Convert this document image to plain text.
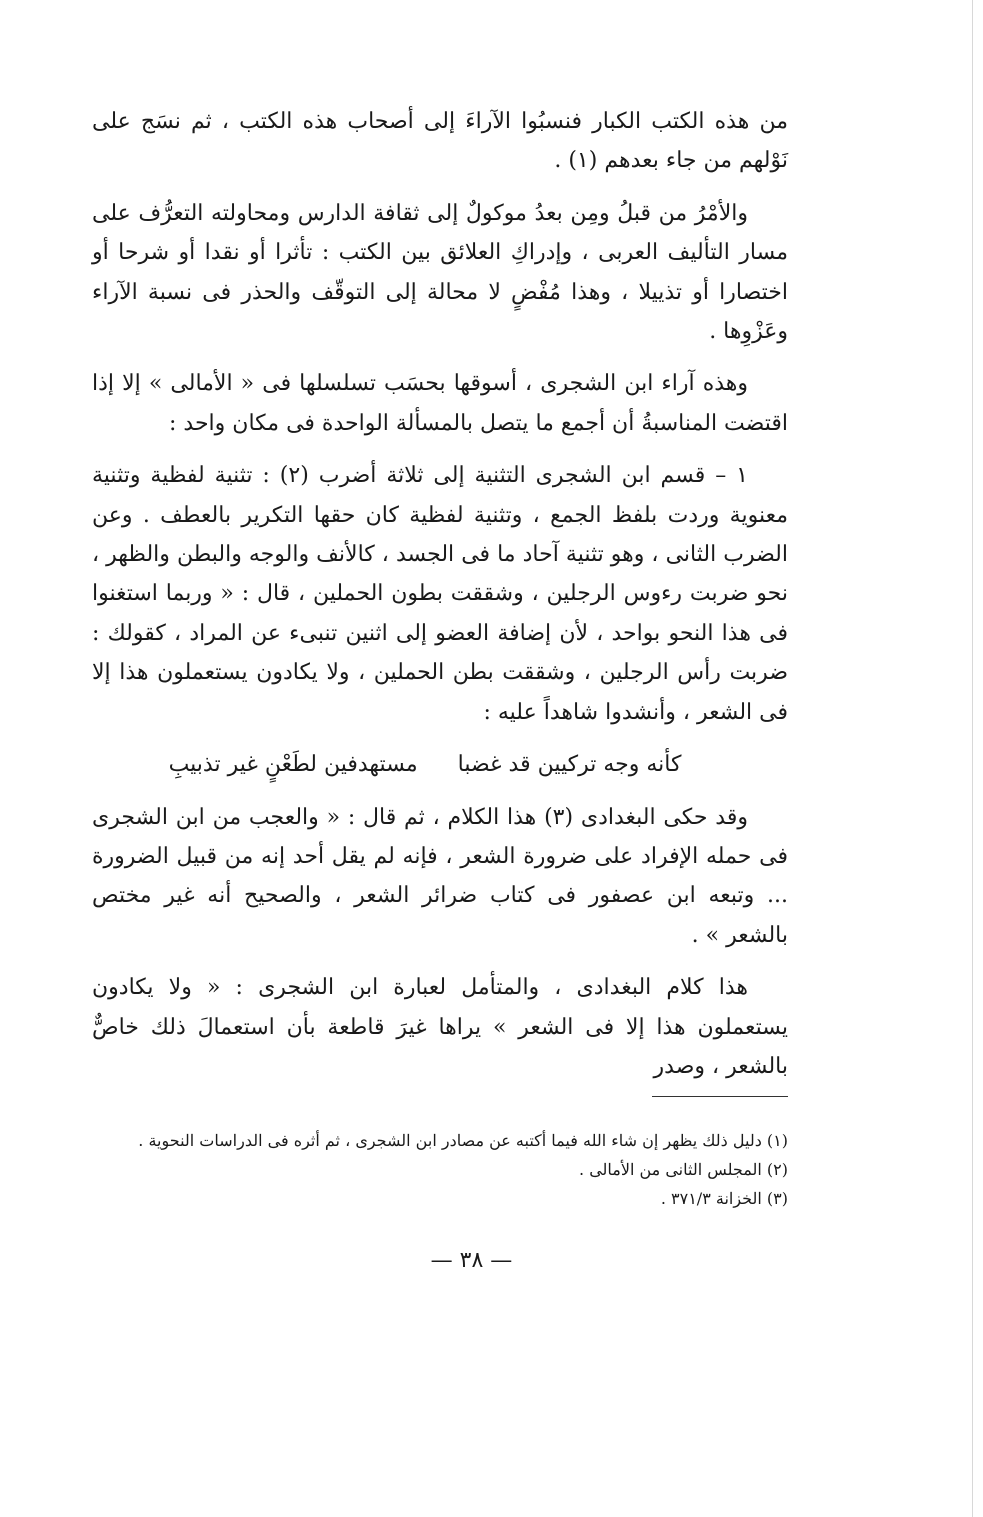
من هذه الكتب الكبار فنسبُوا الآراءَ إلى أصحاب هذه الكتب ، ثم نسَج على نَوْلهم من جاء بعدهم (١) .

والأمْرُ من قبلُ ومِن بعدُ موكولٌ إلى ثقافة الدارس ومحاولته التعرُّف على مسار التأليف العربى ، وإدراكِ العلائق بين الكتب : تأثرا أو نقدا أو شرحا أو اختصارا أو تذييلا ، وهذا مُفْضٍ لا محالة إلى التوقّف والحذر فى نسبة الآراء وعَزْوِها .

وهذه آراء ابن الشجرى ، أسوقها بحسَب تسلسلها فى « الأمالى » إلا إذا اقتضت المناسبةُ أن أجمع ما يتصل بالمسألة الواحدة فى مكان واحد :

١ – قسم ابن الشجرى التثنية إلى ثلاثة أضرب (٢) : تثنية لفظية وتثنية معنوية وردت بلفظ الجمع ، وتثنية لفظية كان حقها التكرير بالعطف . وعن الضرب الثانى ، وهو تثنية آحاد ما فى الجسد ، كالأنف والوجه والبطن والظهر ، نحو ضربت رءوس الرجلين ، وشققت بطون الحملين ، قال : « وربما استغنوا فى هذا النحو بواحد ، لأن إضافة العضو إلى اثنين تنبىء عن المراد ، كقولك : ضربت رأس الرجلين ، وشققت بطن الحملين ، ولا يكادون يستعملون هذا إلا فى الشعر ، وأنشدوا شاهداً عليه :

كأنه وجه تركيين قد غضبا
مستهدفين لطَعْنٍ غير تذبيبِ

وقد حكى البغدادى (٣) هذا الكلام ، ثم قال : « والعجب من ابن الشجرى فى حمله الإفراد على ضرورة الشعر ، فإنه لم يقل أحد إنه من قبيل الضرورة ... وتبعه ابن عصفور فى كتاب ضرائر الشعر ، والصحيح أنه غير مختص بالشعر » .

هذا كلام البغدادى ، والمتأمل لعبارة ابن الشجرى : « ولا يكادون يستعملون هذا إلا فى الشعر » يراها غيرَ قاطعة بأن استعمالَ ذلك خاصٌّ بالشعر ، وصدر

(١) دليل ذلك يظهر إن شاء الله فيما أكتبه عن مصادر ابن الشجرى ، ثم أثره فى الدراسات النحوية .

(٢) المجلس الثانى من الأمالى .

(٣) الخزانة ٣٧١/٣ .

— ٣٨ —
